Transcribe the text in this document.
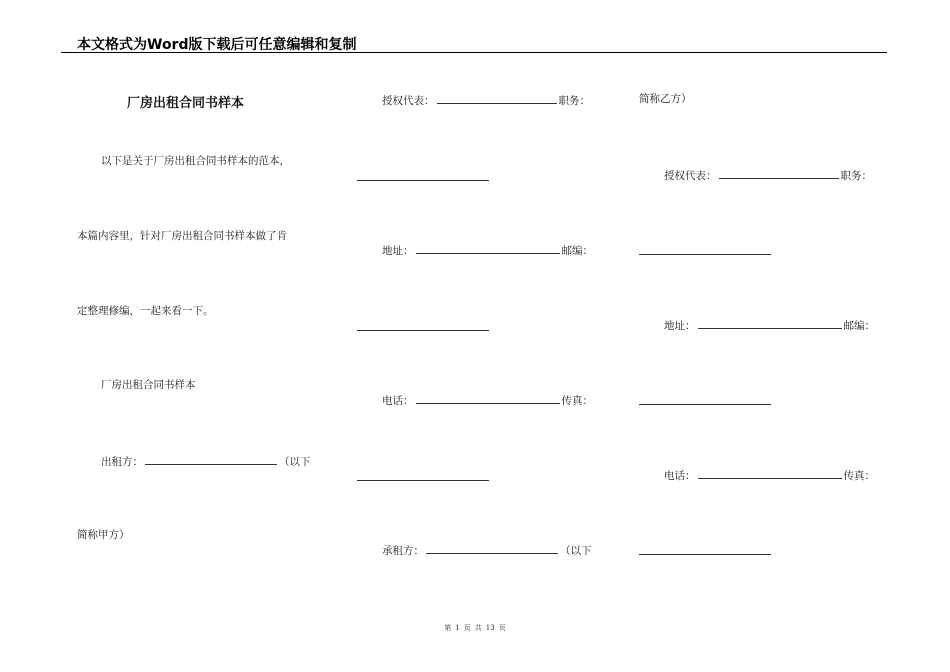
本文格式为Word版下载后可任意编辑和复制
厂房出租合同书样本
以下是关于厂房出租合同书样本的范本，
本篇内容里，针对厂房出租合同书样本做了肯
定整理修编，一起来看一下。
厂房出租合同书样本
出租方：	（以下
简称甲方）
授权代表：	职务：
地址：	邮编：
电话：	传真：
承租方：	（以下
简称乙方）
授权代表：	职务：
地址：	邮编：
电话：	传真：
第 1 页 共 13 页
